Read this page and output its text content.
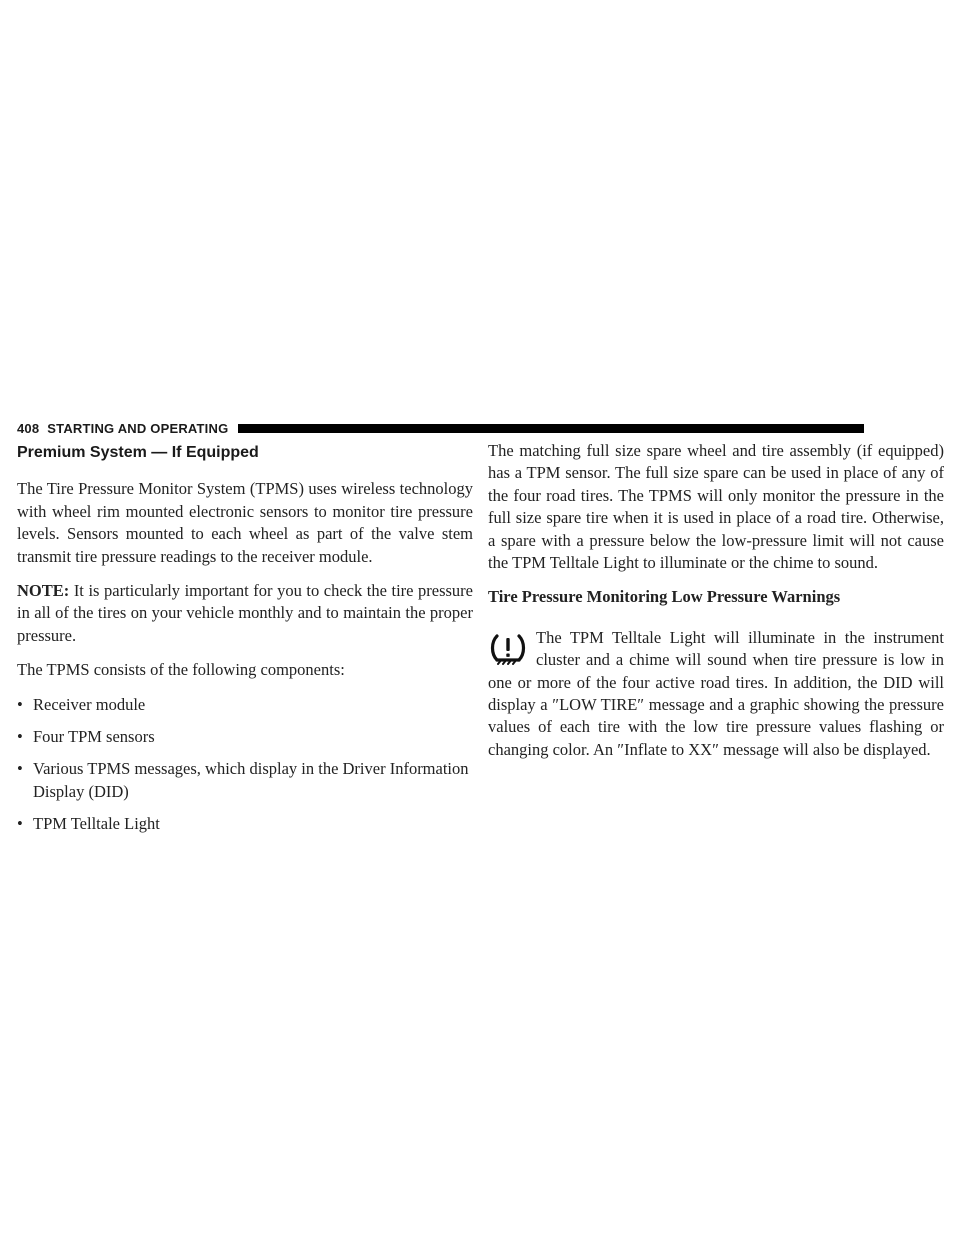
408 STARTING AND OPERATING
Premium System — If Equipped

The Tire Pressure Monitor System (TPMS) uses wireless technology with wheel rim mounted electronic sensors to monitor tire pressure levels. Sensors mounted to each wheel as part of the valve stem transmit tire pressure readings to the receiver module.

NOTE: It is particularly important for you to check the tire pressure in all of the tires on your vehicle monthly and to maintain the proper pressure.

The TPMS consists of the following components:

• Receiver module
• Four TPM sensors
• Various TPMS messages, which display in the Driver Information Display (DID)
• TPM Telltale Light

The matching full size spare wheel and tire assembly (if equipped) has a TPM sensor. The full size spare can be used in place of any of the four road tires. The TPMS will only monitor the pressure in the full size spare tire when it is used in place of a road tire. Otherwise, a spare with a pressure below the low-pressure limit will not cause the TPM Telltale Light to illuminate or the chime to sound.

Tire Pressure Monitoring Low Pressure Warnings

The TPM Telltale Light will illuminate in the instrument cluster and a chime will sound when tire pressure is low in one or more of the four active road tires. In addition, the DID will display a ″LOW TIRE″ message and a graphic showing the pressure values of each tire with the low tire pressure values flashing or changing color. An ″Inflate to XX″ message will also be displayed.
